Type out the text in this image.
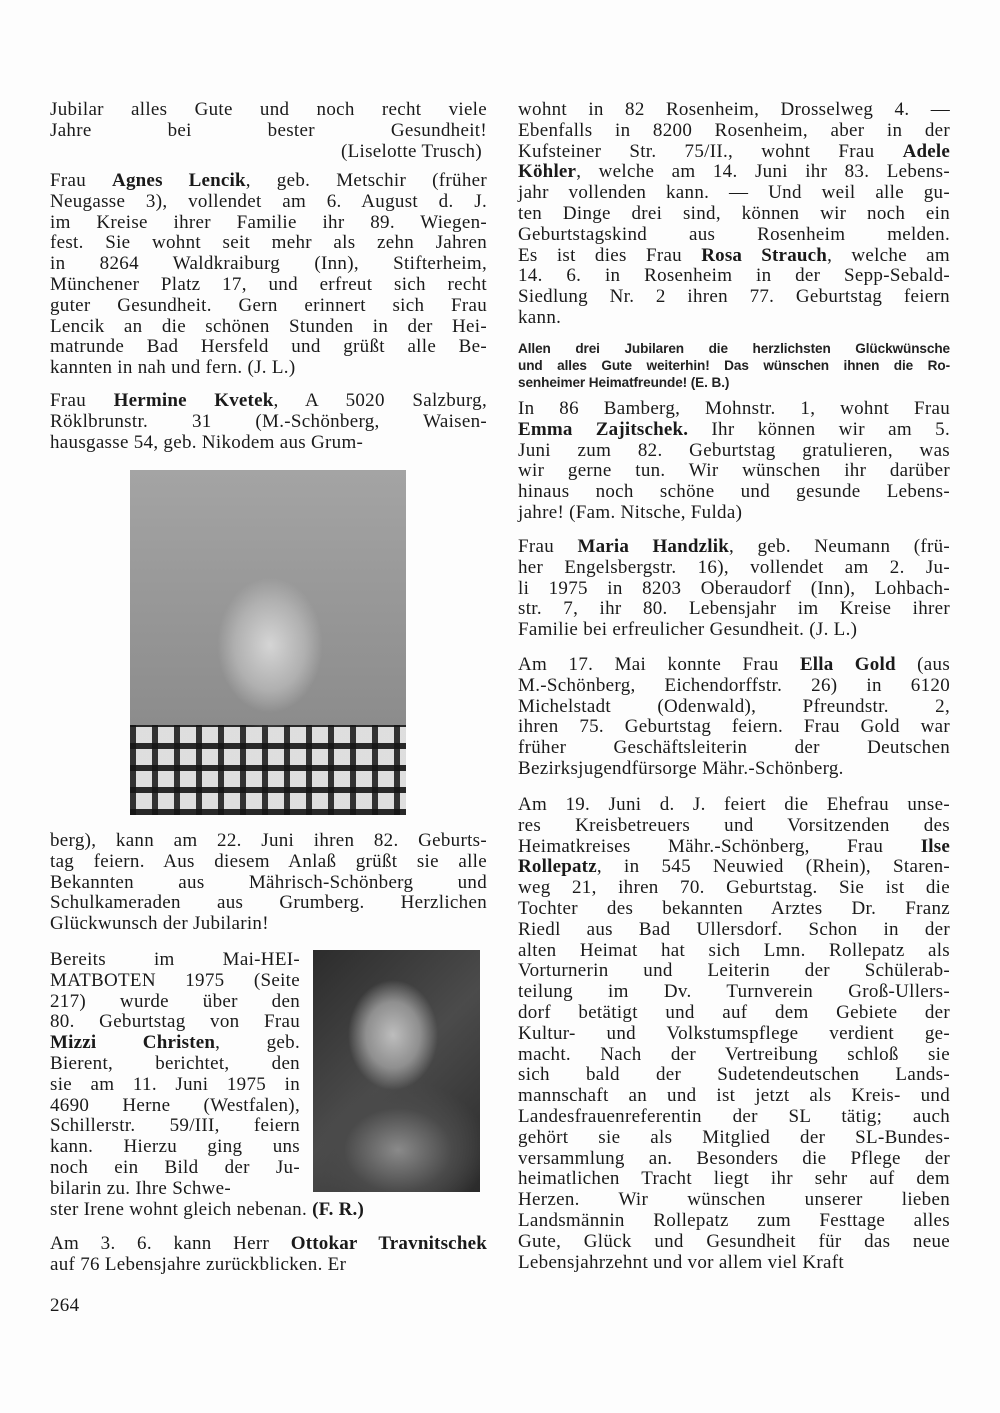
Jubilar alles Gute und noch recht viele
Jahre bei bester Gesundheit!
(Liselotte Trusch)
Frau Agnes Lencik, geb. Metschir (früher
Neugasse 3), vollendet am 6. August d. J.
im Kreise ihrer Familie ihr 89. Wiegen-
fest. Sie wohnt seit mehr als zehn Jahren
in 8264 Waldkraiburg (Inn), Stifterheim,
Münchener Platz 17, und erfreut sich recht
guter Gesundheit. Gern erinnert sich Frau
Lencik an die schönen Stunden in der Hei-
matrunde Bad Hersfeld und grüßt alle Be-
kannten in nah und fern. (J. L.)
Frau Hermine Kvetek, A 5020 Salzburg,
Röklbrunstr. 31 (M.-Schönberg, Waisen-
hausgasse 54, geb. Nikodem aus Grum-
berg), kann am 22. Juni ihren 82. Geburts-
tag feiern. Aus diesem Anlaß grüßt sie alle
Bekannten aus Mährisch-Schönberg und
Schulkameraden aus Grumberg. Herzlichen
Glückwunsch der Jubilarin!
Bereits im Mai-HEI-
MATBOTEN 1975 (Seite
217) wurde über den
80. Geburtstag von Frau
Mizzi Christen, geb.
Bierent, berichtet, den
sie am 11. Juni 1975 in
4690 Herne (Westfalen),
Schillerstr. 59/III, feiern
kann. Hierzu ging uns
noch ein Bild der Ju-
bilarin zu. Ihre Schwe-
ster Irene wohnt gleich nebenan. (F. R.)
Am 3. 6. kann Herr Ottokar Travnitschek
auf 76 Lebensjahre zurückblicken. Er
264
wohnt in 82 Rosenheim, Drosselweg 4. —
Ebenfalls in 8200 Rosenheim, aber in der
Kufsteiner Str. 75/II., wohnt Frau Adele
Köhler, welche am 14. Juni ihr 83. Lebens-
jahr vollenden kann. — Und weil alle gu-
ten Dinge drei sind, können wir noch ein
Geburtstagskind aus Rosenheim melden.
Es ist dies Frau Rosa Strauch, welche am
14. 6. in Rosenheim in der Sepp-Sebald-
Siedlung Nr. 2 ihren 77. Geburtstag feiern
kann.
Allen drei Jubilaren die herzlichsten Glückwünsche
und alles Gute weiterhin! Das wünschen ihnen die Ro-
senheimer Heimatfreunde! (E. B.)
In 86 Bamberg, Mohnstr. 1, wohnt Frau
Emma Zajitschek. Ihr können wir am 5.
Juni zum 82. Geburtstag gratulieren, was
wir gerne tun. Wir wünschen ihr darüber
hinaus noch schöne und gesunde Lebens-
jahre! (Fam. Nitsche, Fulda)
Frau Maria Handzlik, geb. Neumann (frü-
her Engelsbergstr. 16), vollendet am 2. Ju-
li 1975 in 8203 Oberaudorf (Inn), Lohbach-
str. 7, ihr 80. Lebensjahr im Kreise ihrer
Familie bei erfreulicher Gesundheit. (J. L.)
Am 17. Mai konnte Frau Ella Gold (aus
M.-Schönberg, Eichendorffstr. 26) in 6120
Michelstadt (Odenwald), Pfreundstr. 2,
ihren 75. Geburtstag feiern. Frau Gold war
früher Geschäftsleiterin der Deutschen
Bezirksjugendfürsorge Mähr.-Schönberg.
Am 19. Juni d. J. feiert die Ehefrau unse-
res Kreisbetreuers und Vorsitzenden des
Heimatkreises Mähr.-Schönberg, Frau Ilse
Rollepatz, in 545 Neuwied (Rhein), Staren-
weg 21, ihren 70. Geburtstag. Sie ist die
Tochter des bekannten Arztes Dr. Franz
Riedl aus Bad Ullersdorf. Schon in der
alten Heimat hat sich Lmn. Rollepatz als
Vorturnerin und Leiterin der Schülerab-
teilung im Dv. Turnverein Groß-Ullers-
dorf betätigt und auf dem Gebiete der
Kultur- und Volkstumspflege verdient ge-
macht. Nach der Vertreibung schloß sie
sich bald der Sudetendeutschen Lands-
mannschaft an und ist jetzt als Kreis- und
Landesfrauenreferentin der SL tätig; auch
gehört sie als Mitglied der SL-Bundes-
versammlung an. Besonders die Pflege der
heimatlichen Tracht liegt ihr sehr auf dem
Herzen. Wir wünschen unserer lieben
Landsmännin Rollepatz zum Festtage alles
Gute, Glück und Gesundheit für das neue
Lebensjahrzehnt und vor allem viel Kraft
